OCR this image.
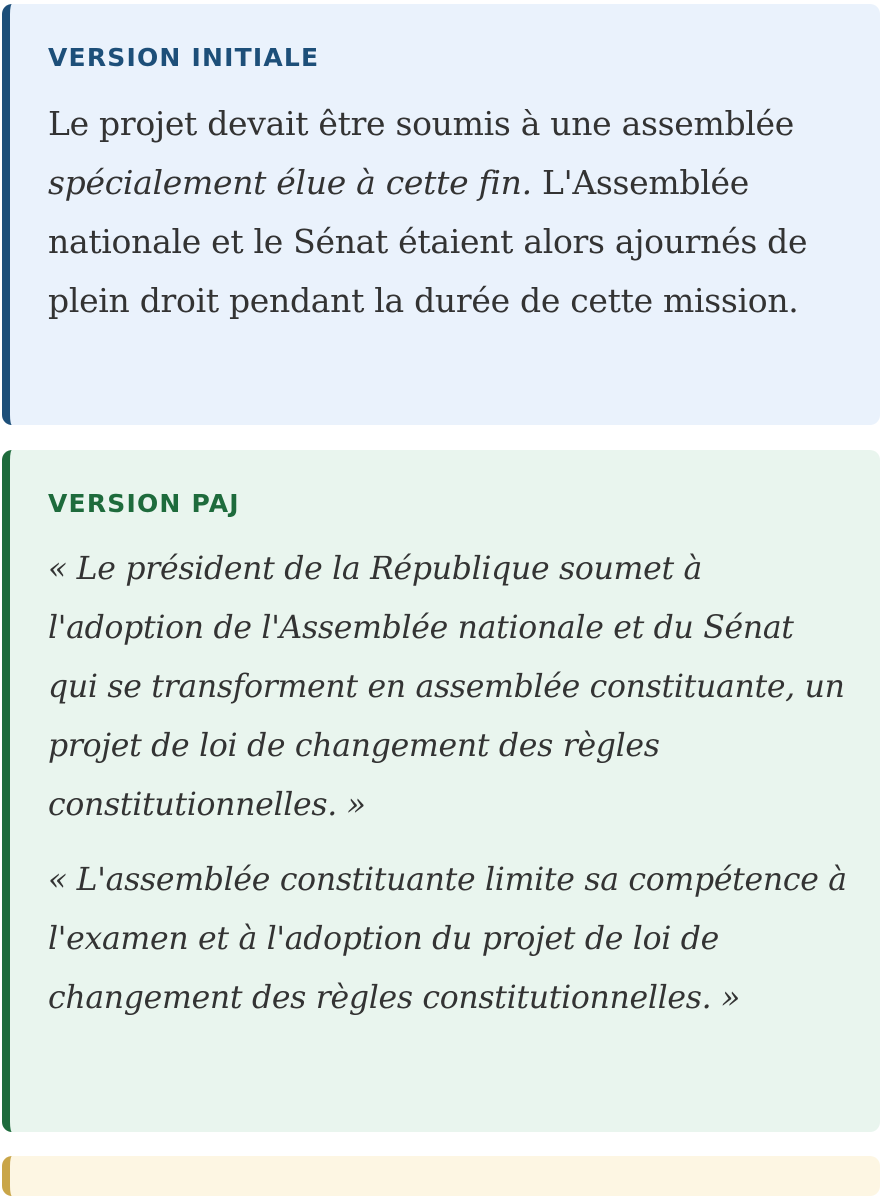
VERSION INITIALE

Le projet devait être soumis à une assemblée spécialement élue à cette fin. L'Assemblée nationale et le Sénat étaient alors ajournés de plein droit pendant la durée de cette mission.

VERSION PAJ

« Le président de la République soumet à l'adoption de l'Assemblée nationale et du Sénat qui se transforment en assemblée constituante, un projet de loi de changement des règles constitutionnelles. »

« L'assemblée constituante limite sa compétence à l'examen et à l'adoption du projet de loi de changement des règles constitutionnelles. »
